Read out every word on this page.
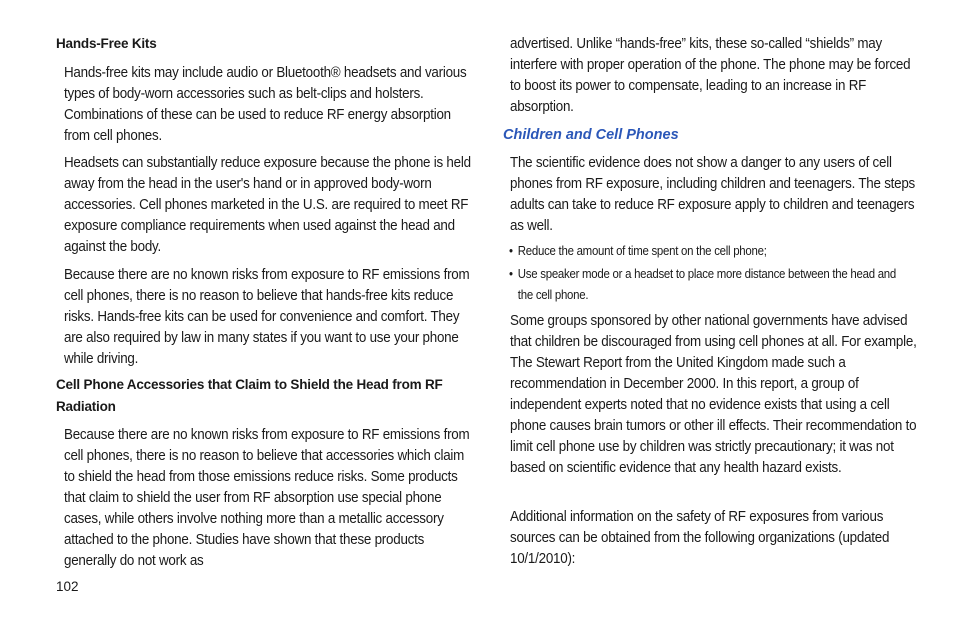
Hands-Free Kits

Hands-free kits may include audio or Bluetooth® headsets and various types of body-worn accessories such as belt-clips and holsters. Combinations of these can be used to reduce RF energy absorption from cell phones.

Headsets can substantially reduce exposure because the phone is held away from the head in the user's hand or in approved body-worn accessories. Cell phones marketed in the U.S. are required to meet RF exposure compliance requirements when used against the head and against the body.

Because there are no known risks from exposure to RF emissions from cell phones, there is no reason to believe that hands-free kits reduce risks. Hands-free kits can be used for convenience and comfort. They are also required by law in many states if you want to use your phone while driving.

Cell Phone Accessories that Claim to Shield the Head from RF Radiation

Because there are no known risks from exposure to RF emissions from cell phones, there is no reason to believe that accessories which claim to shield the head from those emissions reduce risks. Some products that claim to shield the user from RF absorption use special phone cases, while others involve nothing more than a metallic accessory attached to the phone. Studies have shown that these products generally do not work as

advertised. Unlike “hands-free” kits, these so-called “shields” may interfere with proper operation of the phone. The phone may be forced to boost its power to compensate, leading to an increase in RF absorption.

Children and Cell Phones

The scientific evidence does not show a danger to any users of cell phones from RF exposure, including children and teenagers. The steps adults can take to reduce RF exposure apply to children and teenagers as well.

• Reduce the amount of time spent on the cell phone;
• Use speaker mode or a headset to place more distance between the head and the cell phone.

Some groups sponsored by other national governments have advised that children be discouraged from using cell phones at all. For example, The Stewart Report from the United Kingdom made such a recommendation in December 2000. In this report, a group of independent experts noted that no evidence exists that using a cell phone causes brain tumors or other ill effects. Their recommendation to limit cell phone use by children was strictly precautionary; it was not based on scientific evidence that any health hazard exists.

Additional information on the safety of RF exposures from various sources can be obtained from the following organizations (updated 10/1/2010):

102
